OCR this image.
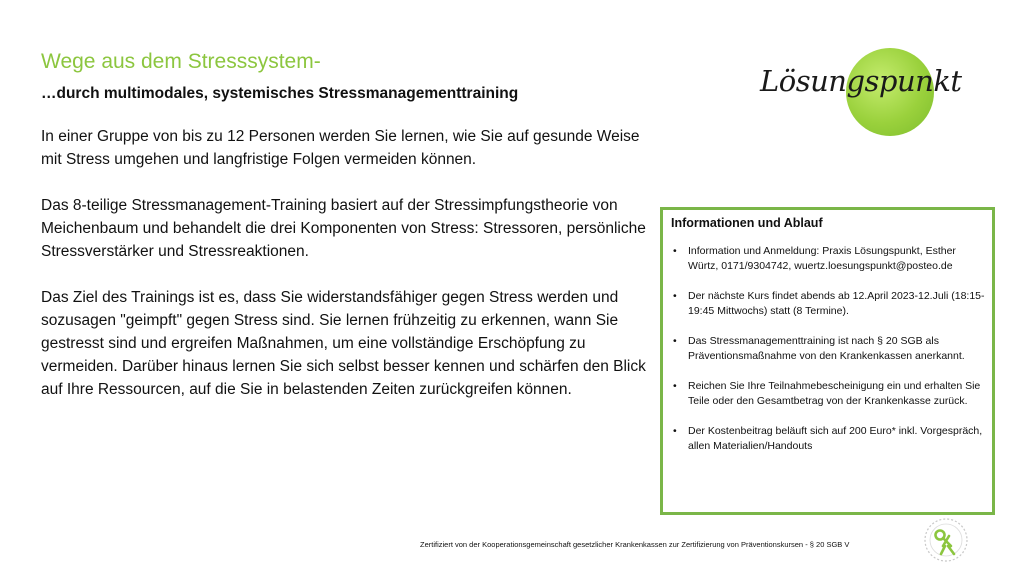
Wege aus dem Stresssystem-
…durch multimodales, systemisches Stressmanagementtraining

In einer Gruppe von bis zu 12 Personen werden Sie lernen, wie Sie auf gesunde Weise mit Stress umgehen und langfristige Folgen vermeiden können.

Das 8-teilige Stressmanagement-Training basiert auf der Stressimpfungstheorie von Meichenbaum und behandelt die drei Komponenten von Stress: Stressoren, persönliche Stressverstärker und Stressreaktionen.

Das Ziel des Trainings ist es, dass Sie widerstandsfähiger gegen Stress werden und sozusagen "geimpft" gegen Stress sind. Sie lernen frühzeitig zu erkennen, wann Sie gestresst sind und ergreifen Maßnahmen, um eine vollständige Erschöpfung zu vermeiden. Darüber hinaus lernen Sie sich selbst besser kennen und schärfen den Blick auf Ihre Ressourcen, auf die Sie in belastenden Zeiten zurückgreifen können.

Lösungspunkt
Informationen und Ablauf
• Information und Anmeldung: Praxis Lösungspunkt, Esther Würtz, 0171/9304742, wuertz.loesungspunkt@posteo.de
• Der nächste Kurs findet abends ab 12.April 2023-12.Juli (18:15-19:45 Mittwochs) statt (8 Termine).
• Das Stressmanagementtraining ist nach § 20 SGB als Präventionsmaßnahme von den Krankenkassen anerkannt.
• Reichen Sie Ihre Teilnahmebescheinigung ein und erhalten Sie Teile oder den Gesamtbetrag von der Krankenkasse zurück.
• Der Kostenbeitrag beläuft sich auf 200 Euro* inkl. Vorgespräch, allen Materialien/Handouts
Zertifiziert von der Kooperationsgemeinschaft gesetzlicher Krankenkassen zur Zertifizierung von Präventionskursen - § 20 SGB V
